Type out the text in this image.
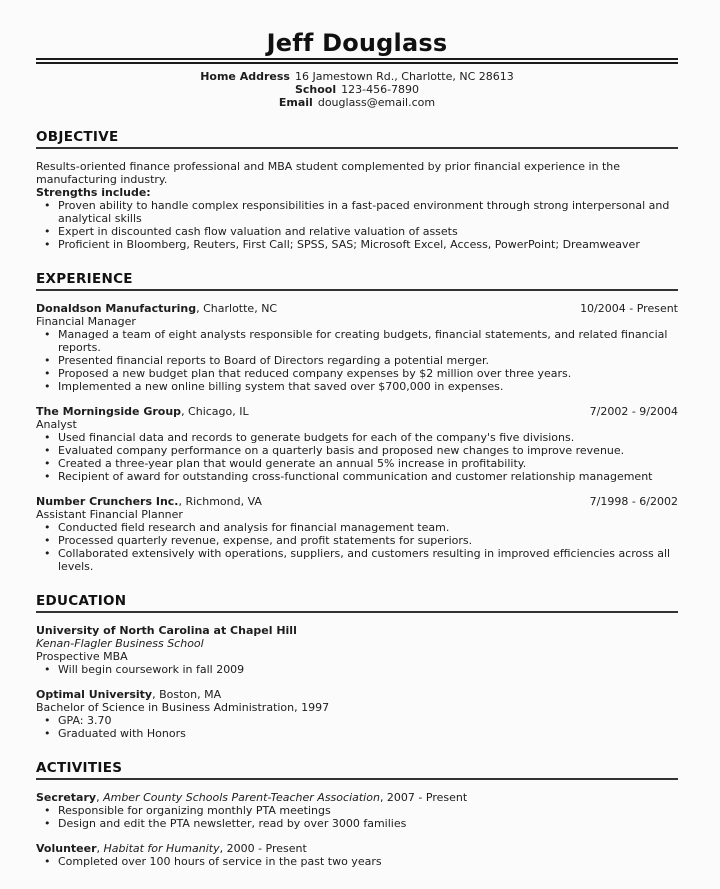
Jeff Douglass
Home Address 16 Jamestown Rd., Charlotte, NC 28613
School 123-456-7890
Email douglass@email.com
OBJECTIVE

Results-oriented finance professional and MBA student complemented by prior financial experience in the manufacturing industry.

Strengths include:

• Proven ability to handle complex responsibilities in a fast-paced environment through strong interpersonal and analytical skills
• Expert in discounted cash flow valuation and relative valuation of assets
• Proficient in Bloomberg, Reuters, First Call; SPSS, SAS; Microsoft Excel, Access, PowerPoint; Dreamweaver
EXPERIENCE
Donaldson Manufacturing, Charlotte, NC	10/2004 - Present

Financial Manager

• Managed a team of eight analysts responsible for creating budgets, financial statements, and related financial reports.
• Presented financial reports to Board of Directors regarding a potential merger.
• Proposed a new budget plan that reduced company expenses by $2 million over three years.
• Implemented a new online billing system that saved over $700,000 in expenses.
The Morningside Group, Chicago, IL	7/2002 - 9/2004

Analyst

• Used financial data and records to generate budgets for each of the company's five divisions.
• Evaluated company performance on a quarterly basis and proposed new changes to improve revenue.
• Created a three-year plan that would generate an annual 5% increase in profitability.
• Recipient of award for outstanding cross-functional communication and customer relationship management
Number Crunchers Inc., Richmond, VA	7/1998 - 6/2002

Assistant Financial Planner

• Conducted field research and analysis for financial management team.
• Processed quarterly revenue, expense, and profit statements for superiors.
• Collaborated extensively with operations, suppliers, and customers resulting in improved efficiencies across all levels.
EDUCATION

University of North Carolina at Chapel Hill

Kenan-Flagler Business School

Prospective MBA

• Will begin coursework in fall 2009

Optimal University, Boston, MA

Bachelor of Science in Business Administration, 1997

• GPA: 3.70
• Graduated with Honors
ACTIVITIES

Secretary, Amber County Schools Parent-Teacher Association, 2007 - Present

• Responsible for organizing monthly PTA meetings
• Design and edit the PTA newsletter, read by over 3000 families

Volunteer, Habitat for Humanity, 2000 - Present

• Completed over 100 hours of service in the past two years
